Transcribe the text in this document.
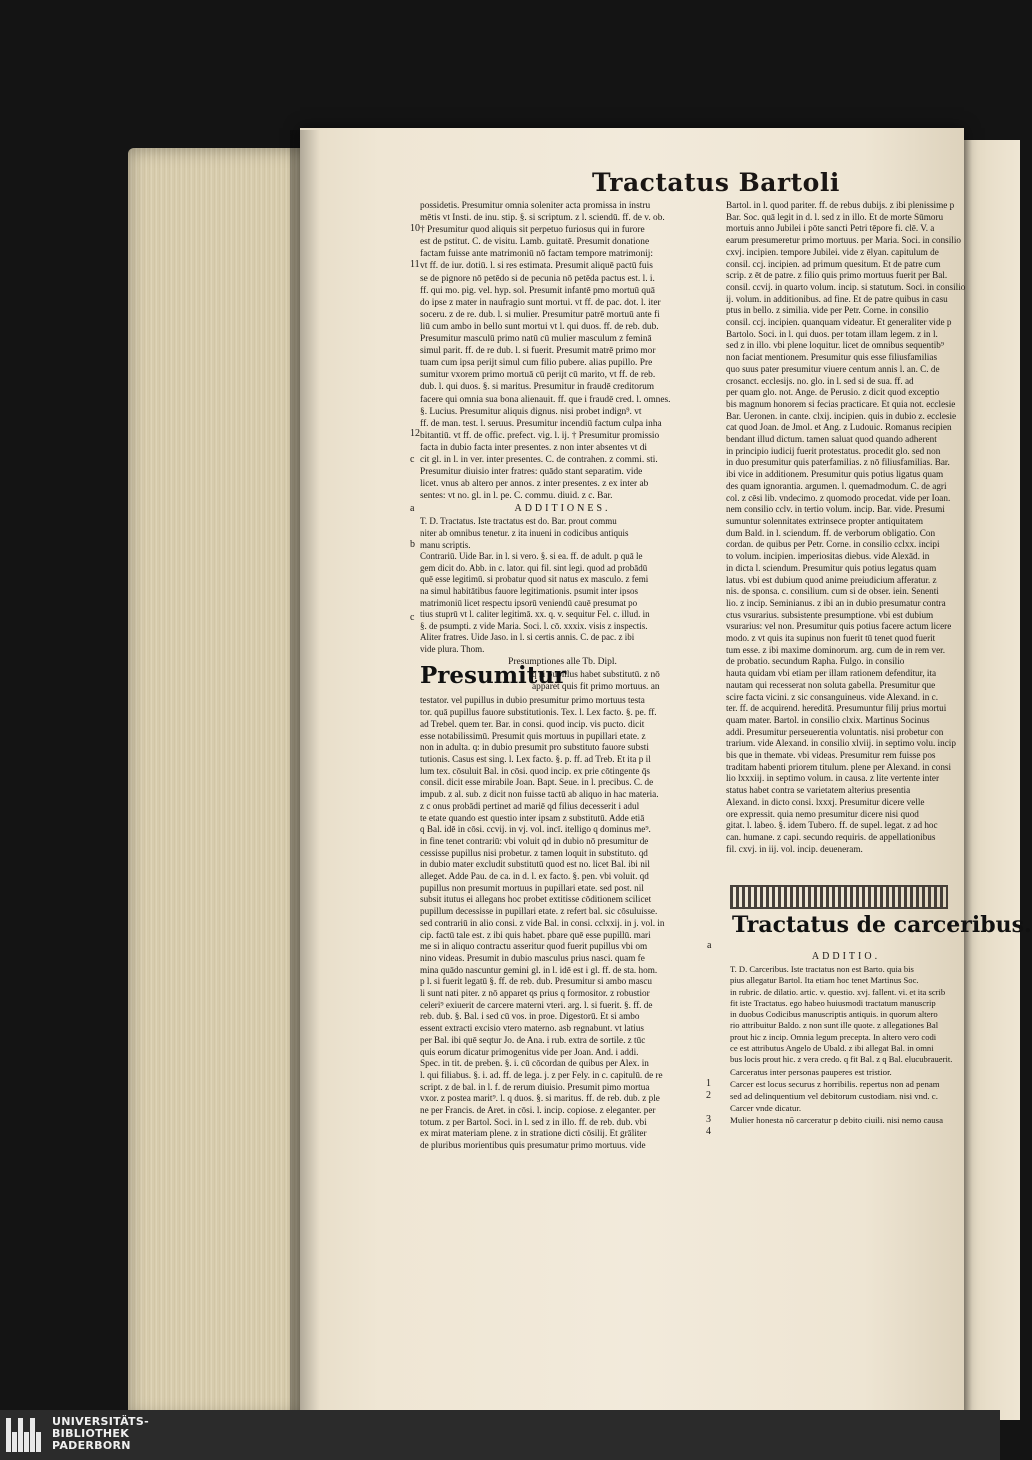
Tractatus Bartoli
10
11
12
c
a
b
c
a
1
2
3
4
possidetis. Presumitur omnia soleniter acta promissa in instru
mētis vt Insti. de inu. stip. §. si scriptum. z l. sciendū. ff. de v. ob.
† Presumitur quod aliquis sit perpetuo furiosus qui in furore
est de pstitut. C. de visitu. Lamb. guitatē. Presumit donatione
factam fuisse ante matrimoniū nō factam tempore matrimonij:
vt ff. de iur. dotiū. l. si res estimata. Presumit aliquē pactū fuis
se de pignore nō petēdo si de pecunia nō petēda pactus est. l. i.
ff. qui mo. pig. vel. hyp. sol. Presumit infantē pmo mortuū quā
do ipse z mater in naufragio sunt mortui. vt ff. de pac. dot. l. iter
soceru. z de re. dub. l. si mulier. Presumitur patrē mortuū ante fi
liū cum ambo in bello sunt mortui vt l. qui duos. ff. de reb. dub.
Presumitur masculū primo natū cū mulier masculum z feminā
simul parit. ff. de re dub. l. si fuerit. Presumit matrē primo mor
tuam cum ipsa perijt simul cum filio pubere. alias pupillo. Pre
sumitur vxorem primo mortuā cū perijt cū marito, vt ff. de reb.
dub. l. qui duos. §. si maritus. Presumitur in fraudē creditorum
facere qui omnia sua bona alienauit. ff. que i fraudē cred. l. omnes.
§. Lucius. Presumitur aliquis dignus. nisi probet indign⁹. vt
ff. de man. test. l. seruus. Presumitur incendiū factum culpa inha
bitantiū. vt ff. de offic. prefect. vig. l. ij. † Presumitur promissio
facta in dubio facta inter presentes. z non inter absentes vt di
cit gl. in l. in ver. inter presentes. C. de contrahen. z commi. sti.
Presumitur diuisio inter fratres: quādo stant separatim. vide
licet. vnus ab altero per annos. z inter presentes. z ex inter ab
sentes: vt no. gl. in l. pe. C. commu. diuid. z c. Bar.
ADDITIONES.
T. D. Tractatus. Iste tractatus est do. Bar. prout commu
niter ab omnibus tenetur. z ita inueni in codicibus antiquis
manu scriptis.
Contrariū. Uide Bar. in l. si vero. §. si ea. ff. de adult. p quā le
gem dicit do. Abb. in c. lator. qui fil. sint legi. quod ad probādū
quē esse legitimū. si probatur quod sit natus ex masculo. z femi
na simul habitātibus fauore legitimationis. psumit inter ipsos
matrimoniū licet respectu ipsorū veniendū cauē presumat po
tius stuprū vt l. caliter legitimā. xx. q. v. sequitur Fel. c. illud. in
§. de psumpti. z vide Maria. Soci. l. cō. xxxix. visis z inspectis.
Aliter fratres. Uide Jaso. in l. si certis annis. C. de pac. z ibi
vide plura. Thom.
Presumptiones alle Tb. Dipl.
q si pupillus habet substitutū. z nō
apparet quis fit primo mortuus. an
testator. vel pupillus in dubio presumitur primo mortuus testa
tor. quā pupillus fauore substitutionis. Tex. l. Lex facto. §. pe. ff.
ad Trebel. quem ter. Bar. in consi. quod incip. vis pucto. dicit
esse notabilissimū. Presumit quis mortuus in pupillari etate. z
non in adulta. q: in dubio presumit pro substituto fauore substi
tutionis. Casus est sing. l. Lex facto. §. p. ff. ad Treb. Et ita p il
lum tex. cōsuluit Bal. in cōsi. quod incip. ex prie cōtingente q̄s
consil. dicit esse mirabile Joan. Bapt. Seue. in l. precibus. C. de
impub. z al. sub. z dicit non fuisse tactū ab aliquo in hac materia.
z c onus probādi pertinet ad mariē qd filius decesserit i adul
te etate quando est questio inter ipsam z substitutū. Adde etiā
q Bal. idē in cōsi. ccvij. in vj. vol. incī. itelligo q dominus me⁹.
in fine tenet contrariū: vbi voluit qd in dubio nō presumitur de
cessisse pupillus nisi probetur. z tamen loquit in substituto. qd
in dubio mater excludit substitutū quod est no. licet Bal. ibi nil
alleget. Adde Pau. de ca. in d. l. ex facto. §. pen. vbi voluit. qd
pupillus non presumit mortuus in pupillari etate. sed post. nil
subsit itutus ei allegans hoc probet extitisse cōditionem scilicet
pupillum decessisse in pupillari etate. z refert bal. sic cōsuluisse.
sed contrariū in alio consi. z vide Bal. in consi. cclxxij. in j. vol. in
cip. factū tale est. z ibi quis habet. pbare quē esse pupillū. mari
me si in aliquo contractu asseritur quod fuerit pupillus vbi om
nino videas. Presumit in dubio masculus prius nasci. quam fe
mina quādo nascuntur gemini gl. in l. idē est i gl. ff. de sta. hom.
p l. si fuerit legatū §. ff. de reb. dub. Presumitur si ambo mascu
li sunt nati piter. z nō apparet qs prius q formositor. z robustior
celeri⁹ exiuerit de carcere materni vteri. arg. l. si fuerit. §. ff. de
reb. dub. §. Bal. i sed cū vos. in proe. Digestorū. Et si ambo
essent extracti excisio vtero materno. asb regnabunt. vt latius
per Bal. ibi quē seqtur Jo. de Ana. i rub. extra de sortile. z tūc
quis eorum dicatur primogenitus vide per Joan. And. i addi.
Spec. in tit. de preben. §. i. cū cōcordan de quibus per Alex. in
l. qui filiabus. §. i. ad. ff. de lega. j. z per Fely. in c. capitulū. de re
script. z de bal. in l. f. de rerum diuisio. Presumit pimo mortua
vxor. z postea marit⁹. l. q duos. §. si maritus. ff. de reb. dub. z ple
ne per Francis. de Aret. in cōsi. l. incip. copiose. z eleganter. per
totum. z per Bartol. Soci. in l. sed z in illo. ff. de reb. dub. vbi
ex mirat materiam plene. z in stratione dicti cōsilij. Et grāliter
de pluribus morientibus quis presumatur primo mortuus. vide
Presumitur
Bartol. in l. quod pariter. ff. de rebus dubijs. z ibi plenissime p
Bar. Soc. quā legit in d. l. sed z in illo. Et de morte Sūmoru
mortuis anno Jubilei i pōte sancti Petri tēpore fi. clē. V. a
earum presumeretur primo mortuus. per Maria. Soci. in consilio
cxvj. incipien. tempore Jubilei. vide z ēlyan. capitulum de
consil. ccj. incipien. ad primum quesitum. Et de patre cum
scrip. z ēt de patre. z filio quis primo mortuus fuerit per Bal.
consil. ccvij. in quarto volum. incip. si statutum. Soci. in consilio
ij. volum. in additionibus. ad fine. Et de patre quibus in casu
ptus in bello. z similia. vide per Petr. Corne. in consilio
consil. ccj. incipien. quanquam videatur. Et generaliter vide p
Bartolo. Soci. in l. qui duos. per totam illam legem. z in l.
sed z in illo. vbi plene loquitur. licet de omnibus sequentib⁹
non faciat mentionem. Presumitur quis esse filiusfamilias
quo suus pater presumitur viuere centum annis l. an. C. de
crosanct. ecclesijs. no. glo. in l. sed si de sua. ff. ad
per quam glo. not. Ange. de Perusio. z dicit quod exceptio
bis magnum honorem si fecias practicare. Et quia not. ecclesie
Bar. Ueronen. in cante. clxij. incipien. quis in dubio z. ecclesie
cat quod Joan. de Jmol. et Ang. z Ludouic. Romanus recipien
bendant illud dictum. tamen saluat quod quando adherent
in principio iudicij fuerit protestatus. procedit glo. sed non
in duo presumitur quis paterfamilias. z nō filiusfamilias. Bar.
ibi vice in additionem. Presumitur quis potius ligatus quam
des quam ignorantia. argumen. l. quemadmodum. C. de agri
col. z cēsi lib. vndecimo. z quomodo procedat. vide per Ioan.
nem consilio cclv. in tertio volum. incip. Bar. vide. Presumi
sumuntur solennitates extrinsece propter antiquitatem
dum Bald. in l. sciendum. ff. de verborum obligatio. Con
cordan. de quibus per Petr. Corne. in consilio cclxx. incipi
to volum. incipien. imperiositas diebus. vide Alexād. in
in dicta l. sciendum. Presumitur quis potius legatus quam
latus. vbi est dubium quod anime preiudicium afferatur. z
nis. de sponsa. c. consilium. cum si de obser. iein. Senenti
lio. z incip. Seminianus. z ibi an in dubio presumatur contra
ctus vsurarius. subsistente presumptione. vbi est dubium
vsurarius: vel non. Presumitur quis potius facere actum licere
modo. z vt quis ita supinus non fuerit tū tenet quod fuerit
tum esse. z ibi maxime dominorum. arg. cum de in rem ver.
de probatio. secundum Rapha. Fulgo. in consilio
hauta quidam vbi etiam per illam rationem defenditur, ita
nautam qui recesserat non soluta gabella. Presumitur que
scire facta vicini. z sic consanguineus. vide Alexand. in c.
ter. ff. de acquirend. hereditā. Presumuntur filij prius mortui
quam mater. Bartol. in consilio clxix. Martinus Socinus
addi. Presumitur perseuerentia voluntatis. nisi probetur con
trarium. vide Alexand. in consilio xlviij. in septimo volu. incip
bis que in themate. vbi videas. Presumitur rem fuisse pos
traditam habenti priorem titulum. plene per Alexand. in consi
lio lxxxiij. in septimo volum. in causa. z lite vertente inter
status habet contra se varietatem alterius presentia
Alexand. in dicto consi. lxxxj. Presumitur dicere velle
ore expressit. quia nemo presumitur dicere nisi quod
gitat. l. labeo. §. idem Tubero. ff. de supel. legat. z ad hoc
can. humane. z capi. secundo requiris. de appellationibus
fil. cxvj. in iij. vol. incip. deueneram.
Tractatus de carceribus.
ADDITIO.
T. D. Carceribus. Iste tractatus non est Barto. quia bis
pius allegatur Bartol. Ita etiam hoc tenet Martinus Soc.
in rubric. de dilatio. artic. v. questio. xvj. fallent. vi. et ita scrib
fit iste Tractatus. ego habeo huiusmodi tractatum manuscrip
in duobus Codicibus manuscriptis antiquis. in quorum altero
rio attribuitur Baldo. z non sunt ille quote. z allegationes Bal
prout hic z incip. Omnia legum precepta. In altero vero codi
ce est attributus Angelo de Ubald. z ibi allegat Bal. in omni
bus locis prout hic. z vera credo. q fit Bal. z q Bal. elucubrauerit.
Carceratus inter personas pauperes est tristior.
Carcer est locus securus z horribilis. repertus non ad penam
sed ad delinquentium vel debitorum custodiam. nisi vnd. c.
Carcer vnde dicatur.
Mulier honesta nō carceratur p debito ciuili. nisi nemo causa
UNIVERSITÄTS-
BIBLIOTHEK
PADERBORN
